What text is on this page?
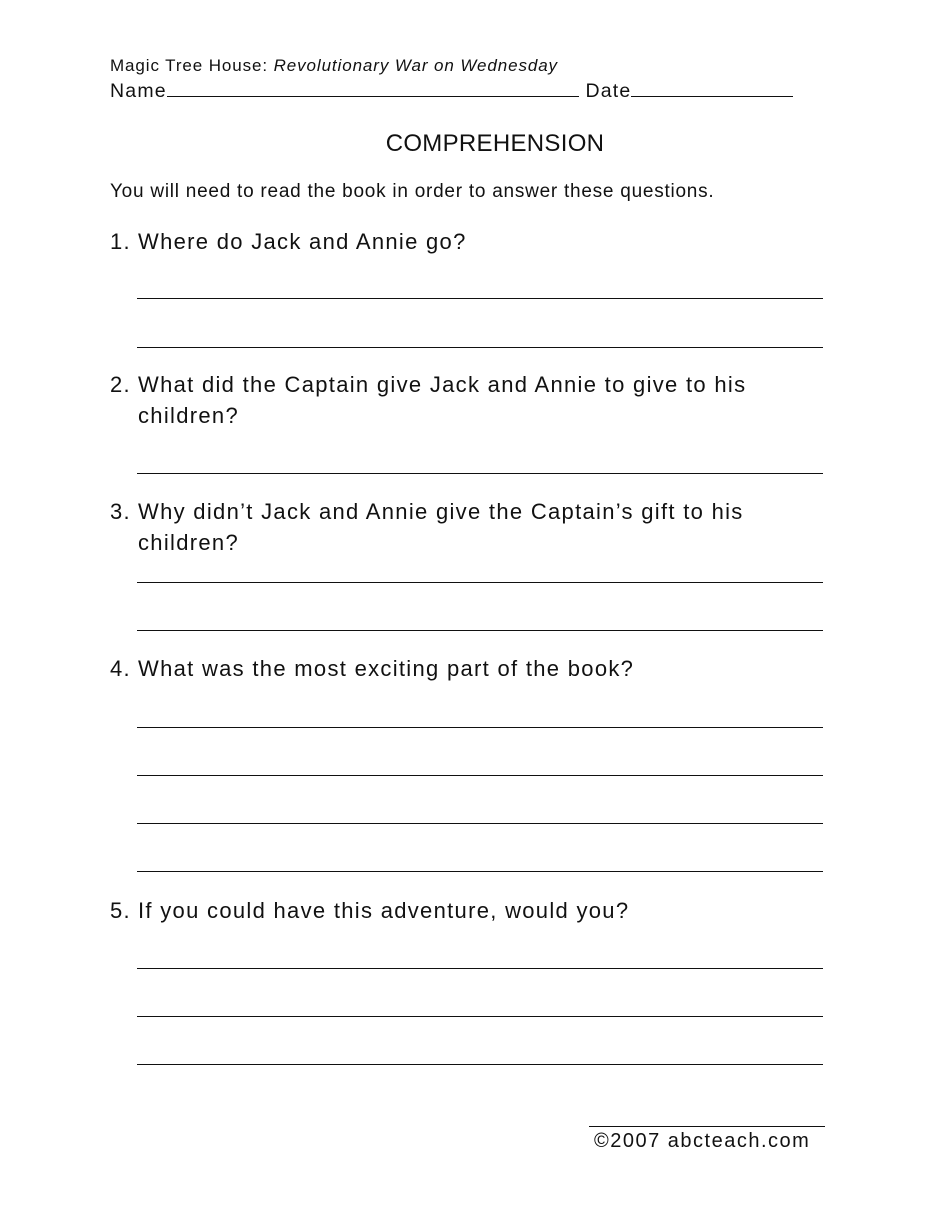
Magic Tree House: Revolutionary War on Wednesday
Name	Date
COMPREHENSION
You will need to read the book in order to answer these questions.
1. Where do Jack and Annie go?
2. What did the Captain give Jack and Annie to give to his children?
3. Why didn’t Jack and Annie give the Captain’s gift to his children?
4. What was the most exciting part of the book?
5. If you could have this adventure, would you?
©2007 abcteach.com
